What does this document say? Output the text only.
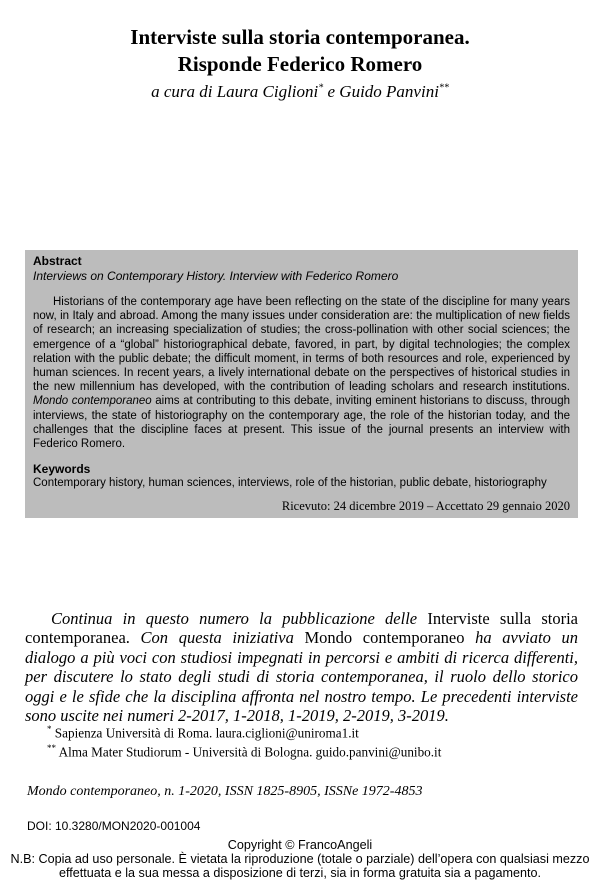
Interviste sulla storia contemporanea.
Risponde Federico Romero
a cura di Laura Ciglioni* e Guido Panvini**
Abstract
Interviews on Contemporary History. Interview with Federico Romero

Historians of the contemporary age have been reflecting on the state of the discipline for many years now, in Italy and abroad. Among the many issues under consideration are: the multiplication of new fields of research; an increasing specialization of studies; the cross-pollination with other social sciences; the emergence of a “global” historiographical debate, favored, in part, by digital technologies; the complex relation with the public debate; the difficult moment, in terms of both resources and role, experienced by human sciences. In recent years, a lively international debate on the perspectives of historical studies in the new millennium has developed, with the contribution of leading scholars and research institutions. Mondo contemporaneo aims at contributing to this debate, inviting eminent historians to discuss, through interviews, the state of historiography on the contemporary age, the role of the historian today, and the challenges that the discipline faces at present. This issue of the journal presents an interview with Federico Romero.

Keywords

Contemporary history, human sciences, interviews, role of the historian, public debate, historiography

Ricevuto: 24 dicembre 2019 – Accettato 29 gennaio 2020

Continua in questo numero la pubblicazione delle Interviste sulla storia contemporanea. Con questa iniziativa Mondo contemporaneo ha avviato un dialogo a più voci con studiosi impegnati in percorsi e ambiti di ricerca differenti, per discutere lo stato degli studi di storia contemporanea, il ruolo dello storico oggi e le sfide che la disciplina affronta nel nostro tempo. Le precedenti interviste sono uscite nei numeri 2-2017, 1-2018, 1-2019, 2-2019, 3-2019.

* Sapienza Università di Roma. laura.ciglioni@uniroma1.it
** Alma Mater Studiorum - Università di Bologna. guido.panvini@unibo.it
Mondo contemporaneo, n. 1-2020, ISSN 1825-8905, ISSNe 1972-4853
DOI: 10.3280/MON2020-001004
Copyright © FrancoAngeli
N.B: Copia ad uso personale. È vietata la riproduzione (totale o parziale) dell’opera con qualsiasi mezzo effettuata e la sua messa a disposizione di terzi, sia in forma gratuita sia a pagamento.
